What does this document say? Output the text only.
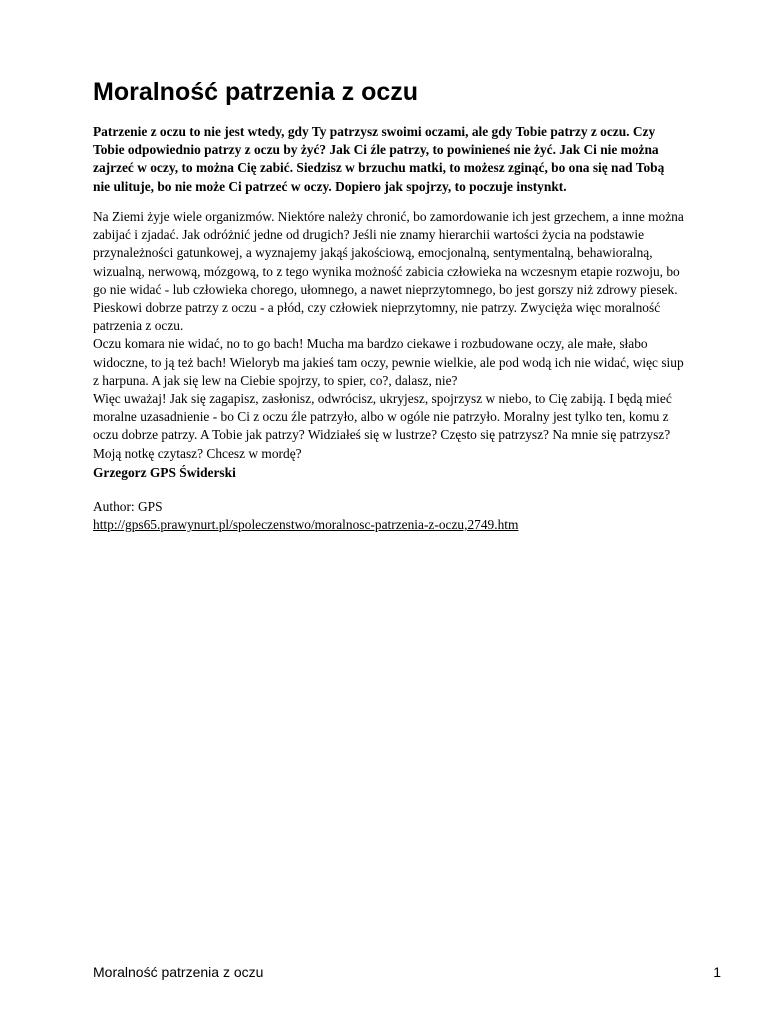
Moralność patrzenia z oczu

Patrzenie z oczu to nie jest wtedy, gdy Ty patrzysz swoimi oczami, ale gdy Tobie patrzy z oczu. Czy
Tobie odpowiednio patrzy z oczu by żyć? Jak Ci źle patrzy, to powinieneś nie żyć. Jak Ci nie można
zajrzeć w oczy, to można Cię zabić. Siedzisz w brzuchu matki, to możesz zginąć, bo ona się nad Tobą
nie ulituje, bo nie może Ci patrzeć w oczy. Dopiero jak spojrzy, to poczuje instynkt.

Na Ziemi żyje wiele organizmów. Niektóre należy chronić, bo zamordowanie ich jest grzechem, a inne można
zabijać i zjadać. Jak odróżnić jedne od drugich? Jeśli nie znamy hierarchii wartości życia na podstawie
przynależności gatunkowej, a wyznajemy jakąś jakościową, emocjonalną, sentymentalną, behawioralną,
wizualną, nerwową, mózgową, to z tego wynika możność zabicia człowieka na wczesnym etapie rozwoju, bo
go nie widać - lub człowieka chorego, ułomnego, a nawet nieprzytomnego, bo jest gorszy niż zdrowy piesek.
Pieskowi dobrze patrzy z oczu - a płód, czy człowiek nieprzytomny, nie patrzy. Zwycięża więc moralność
patrzenia z oczu.
Oczu komara nie widać, no to go bach! Mucha ma bardzo ciekawe i rozbudowane oczy, ale małe, słabo
widoczne, to ją też bach! Wieloryb ma jakieś tam oczy, pewnie wielkie, ale pod wodą ich nie widać, więc siup
z harpuna. A jak się lew na Ciebie spojrzy, to spier, co?, dalasz, nie?
Więc uważaj! Jak się zagapisz, zasłonisz, odwrócisz, ukryjesz, spojrzysz w niebo, to Cię zabiją. I będą mieć
moralne uzasadnienie - bo Ci z oczu źle patrzyło, albo w ogóle nie patrzyło. Moralny jest tylko ten, komu z
oczu dobrze patrzy. A Tobie jak patrzy? Widziałeś się w lustrze? Często się patrzysz? Na mnie się patrzysz?
Moją notkę czytasz? Chcesz w mordę?

Grzegorz GPS Świderski

Author: GPS

http://gps65.prawynurt.pl/spoleczenstwo/moralnosc-patrzenia-z-oczu,2749.htm

Moralność patrzenia z oczu	1
